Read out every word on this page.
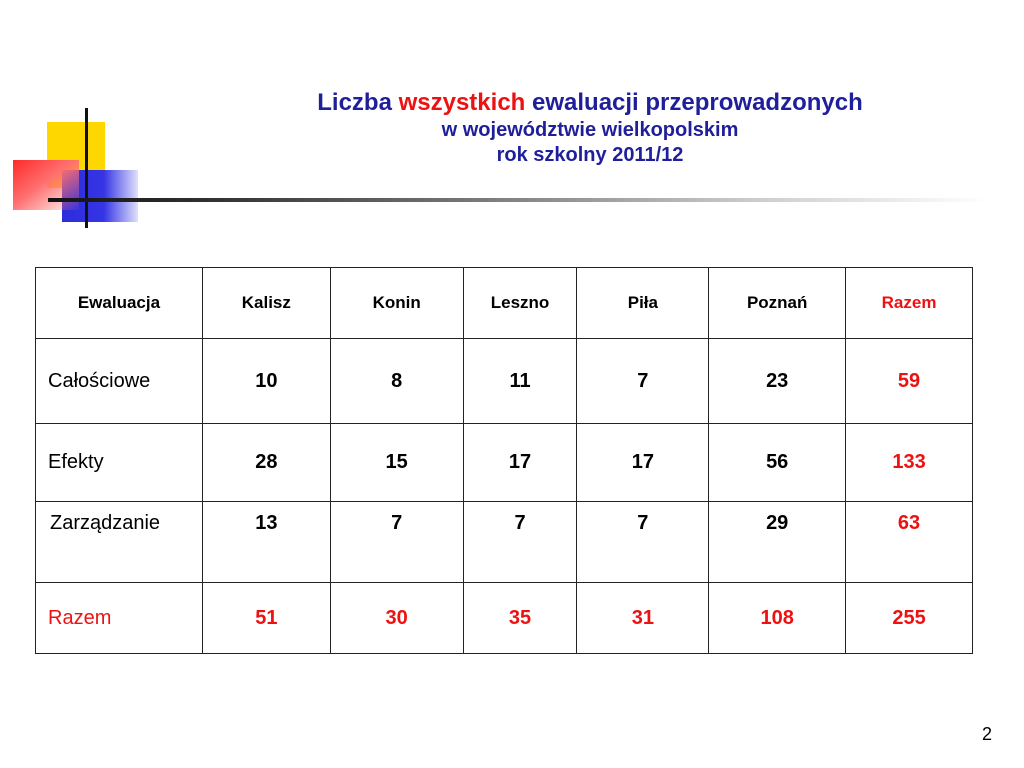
Liczba wszystkich ewaluacji przeprowadzonych
w województwie wielkopolskim
rok szkolny 2011/12
Ewaluacja	Kalisz	Konin	Leszno	Piła	Poznań	Razem
Całościowe	10	8	11	7	23	59
Efekty	28	15	17	17	56	133
Zarządzanie	13	7	7	7	29	63
Razem	51	30	35	31	108	255
2
